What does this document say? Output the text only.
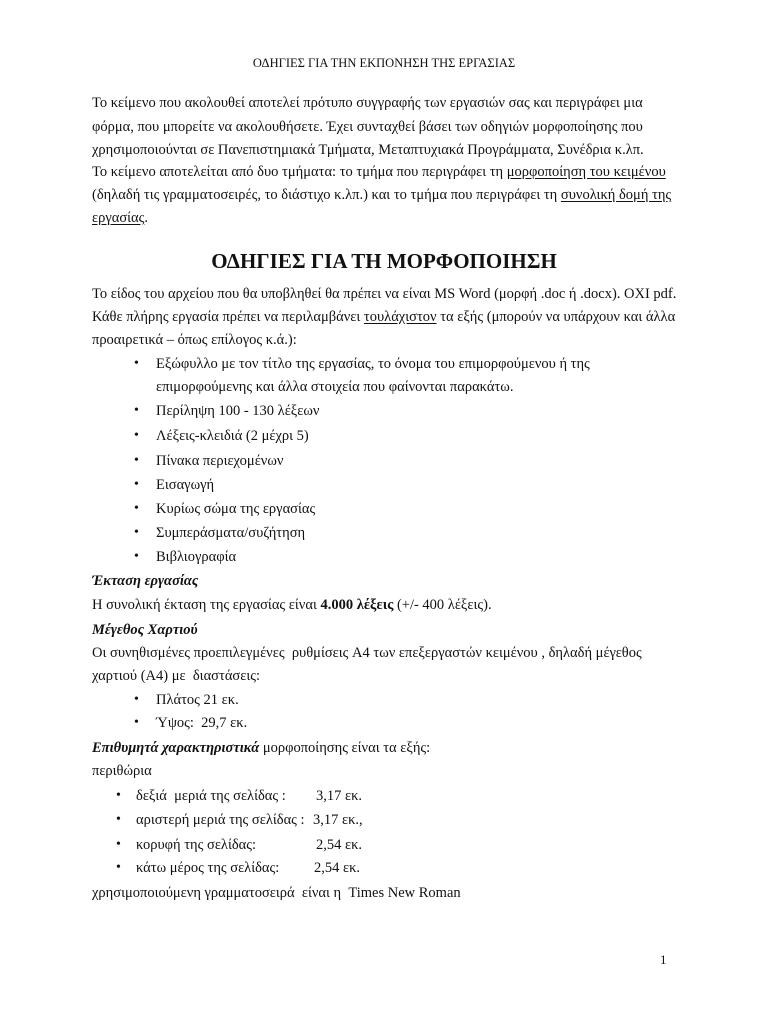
ΟΔΗΓΙΕΣ ΓΙΑ ΤΗΝ ΕΚΠΟΝΗΣΗ ΤΗΣ ΕΡΓΑΣΙΑΣ
Το κείμενο που ακολουθεί αποτελεί πρότυπο συγγραφής των εργασιών σας και περιγράφει μια
φόρμα, που μπορείτε να ακολουθήσετε. Έχει συνταχθεί βάσει των οδηγιών μορφοποίησης που
χρησιμοποιούνται σε Πανεπιστημιακά Τμήματα, Μεταπτυχιακά Προγράμματα, Συνέδρια κ.λπ.
Το κείμενο αποτελείται από δυο τμήματα: το τμήμα που περιγράφει τη μορφοποίηση του κειμένου
(δηλαδή τις γραμματοσειρές, το διάστιχο κ.λπ.) και το τμήμα που περιγράφει τη συνολική δομή της
εργασίας.
ΟΔΗΓΙΕΣ ΓΙΑ ΤΗ ΜΟΡΦΟΠΟΙΗΣΗ
Το είδος του αρχείου που θα υποβληθεί θα πρέπει να είναι MS Word (μορφή .doc ή .docx). ΟΧΙ pdf.
Κάθε πλήρης εργασία πρέπει να περιλαμβάνει τουλάχιστον τα εξής (μπορούν να υπάρχουν και άλλα
προαιρετικά – όπως επίλογος κ.ά.):
• Εξώφυλλο με τον τίτλο της εργασίας, το όνομα του επιμορφούμενου ή της
επιμορφούμενης και άλλα στοιχεία που φαίνονται παρακάτω.
• Περίληψη 100 - 130 λέξεων
• Λέξεις-κλειδιά (2 μέχρι 5)
• Πίνακα περιεχομένων
• Εισαγωγή
• Κυρίως σώμα της εργασίας
• Συμπεράσματα/συζήτηση
• Βιβλιογραφία
Έκταση εργασίας
Η συνολική έκταση της εργασίας είναι 4.000 λέξεις (+/- 400 λέξεις).
Μέγεθος Χαρτιού
Οι συνηθισμένες προεπιλεγμένες  ρυθμίσεις A4 των επεξεργαστών κειμένου , δηλαδή μέγεθος
χαρτιού (A4) με  διαστάσεις:
• Πλάτος 21 εκ.
• Ύψος:  29,7 εκ.
Επιθυμητά χαρακτηριστικά μορφοποίησης είναι τα εξής:
περιθώρια
• δεξιά  μεριά της σελίδας : 3,17 εκ.
• αριστερή μεριά της σελίδας : 3,17 εκ.,
• κορυφή της σελίδας:	2,54 εκ.
• κάτω μέρος της σελίδας: 2,54 εκ.
χρησιμοποιούμενη γραμματοσειρά  είναι η  Times New Roman
1
